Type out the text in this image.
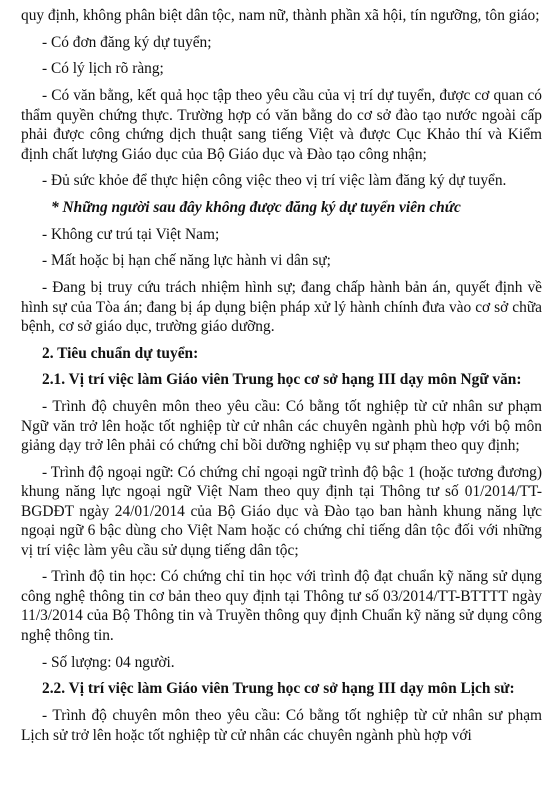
quy định, không phân biệt dân tộc, nam nữ, thành phần xã hội, tín ngưỡng, tôn giáo;

- Có đơn đăng ký dự tuyển;

- Có lý lịch rõ ràng;

- Có văn bằng, kết quả học tập theo yêu cầu của vị trí dự tuyển, được cơ quan có thẩm quyền chứng thực. Trường hợp có văn bằng do cơ sở đào tạo nước ngoài cấp phải được công chứng dịch thuật sang tiếng Việt và được Cục Khảo thí và Kiểm định chất lượng Giáo dục của Bộ Giáo dục và Đào tạo công nhận;

- Đủ sức khỏe để thực hiện công việc theo vị trí việc làm đăng ký dự tuyển.

* Những người sau đây không được đăng ký dự tuyển viên chức

- Không cư trú tại Việt Nam;

- Mất hoặc bị hạn chế năng lực hành vi dân sự;

- Đang bị truy cứu trách nhiệm hình sự; đang chấp hành bản án, quyết định về hình sự của Tòa án; đang bị áp dụng biện pháp xử lý hành chính đưa vào cơ sở chữa bệnh, cơ sở giáo dục, trường giáo dưỡng.

2. Tiêu chuẩn dự tuyển:

2.1. Vị trí việc làm Giáo viên Trung học cơ sở hạng III dạy môn Ngữ văn:

- Trình độ chuyên môn theo yêu cầu: Có bằng tốt nghiệp từ cử nhân sư phạm Ngữ văn trở lên hoặc tốt nghiệp từ cử nhân các chuyên ngành phù hợp với bộ môn giảng dạy trở lên phải có chứng chỉ bồi dưỡng nghiệp vụ sư phạm theo quy định;

- Trình độ ngoại ngữ: Có chứng chỉ ngoại ngữ trình độ bậc 1 (hoặc tương đương) khung năng lực ngoại ngữ Việt Nam theo quy định tại Thông tư số 01/2014/TT-BGDĐT ngày 24/01/2014 của Bộ Giáo dục và Đào tạo ban hành khung năng lực ngoại ngữ 6 bậc dùng cho Việt Nam hoặc có chứng chỉ tiếng dân tộc đối với những vị trí việc làm yêu cầu sử dụng tiếng dân tộc;

- Trình độ tin học: Có chứng chỉ tin học với trình độ đạt chuẩn kỹ năng sử dụng công nghệ thông tin cơ bản theo quy định tại Thông tư số 03/2014/TT-BTTTT ngày 11/3/2014 của Bộ Thông tin và Truyền thông quy định Chuẩn kỹ năng sử dụng công nghệ thông tin.

- Số lượng: 04 người.

2.2. Vị trí việc làm Giáo viên Trung học cơ sở hạng III dạy môn Lịch sử:

- Trình độ chuyên môn theo yêu cầu: Có bằng tốt nghiệp từ cử nhân sư phạm Lịch sử trở lên hoặc tốt nghiệp từ cử nhân các chuyên ngành phù hợp với
